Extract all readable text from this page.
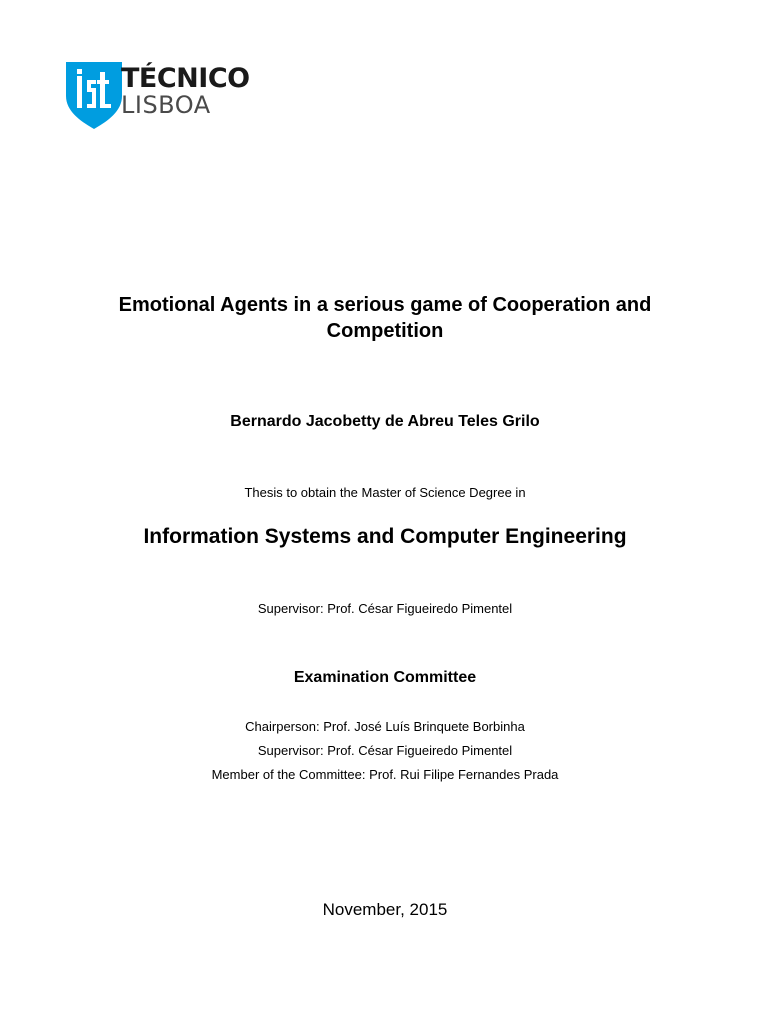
TÉCNICO
LISBOA
Emotional Agents in a serious game of Cooperation and Competition
Bernardo Jacobetty de Abreu Teles Grilo
Thesis to obtain the Master of Science Degree in
Information Systems and Computer Engineering
Supervisor: Prof. César Figueiredo Pimentel
Examination Committee
Chairperson: Prof. José Luís Brinquete Borbinha
Supervisor: Prof. César Figueiredo Pimentel
Member of the Committee: Prof. Rui Filipe Fernandes Prada
November, 2015
